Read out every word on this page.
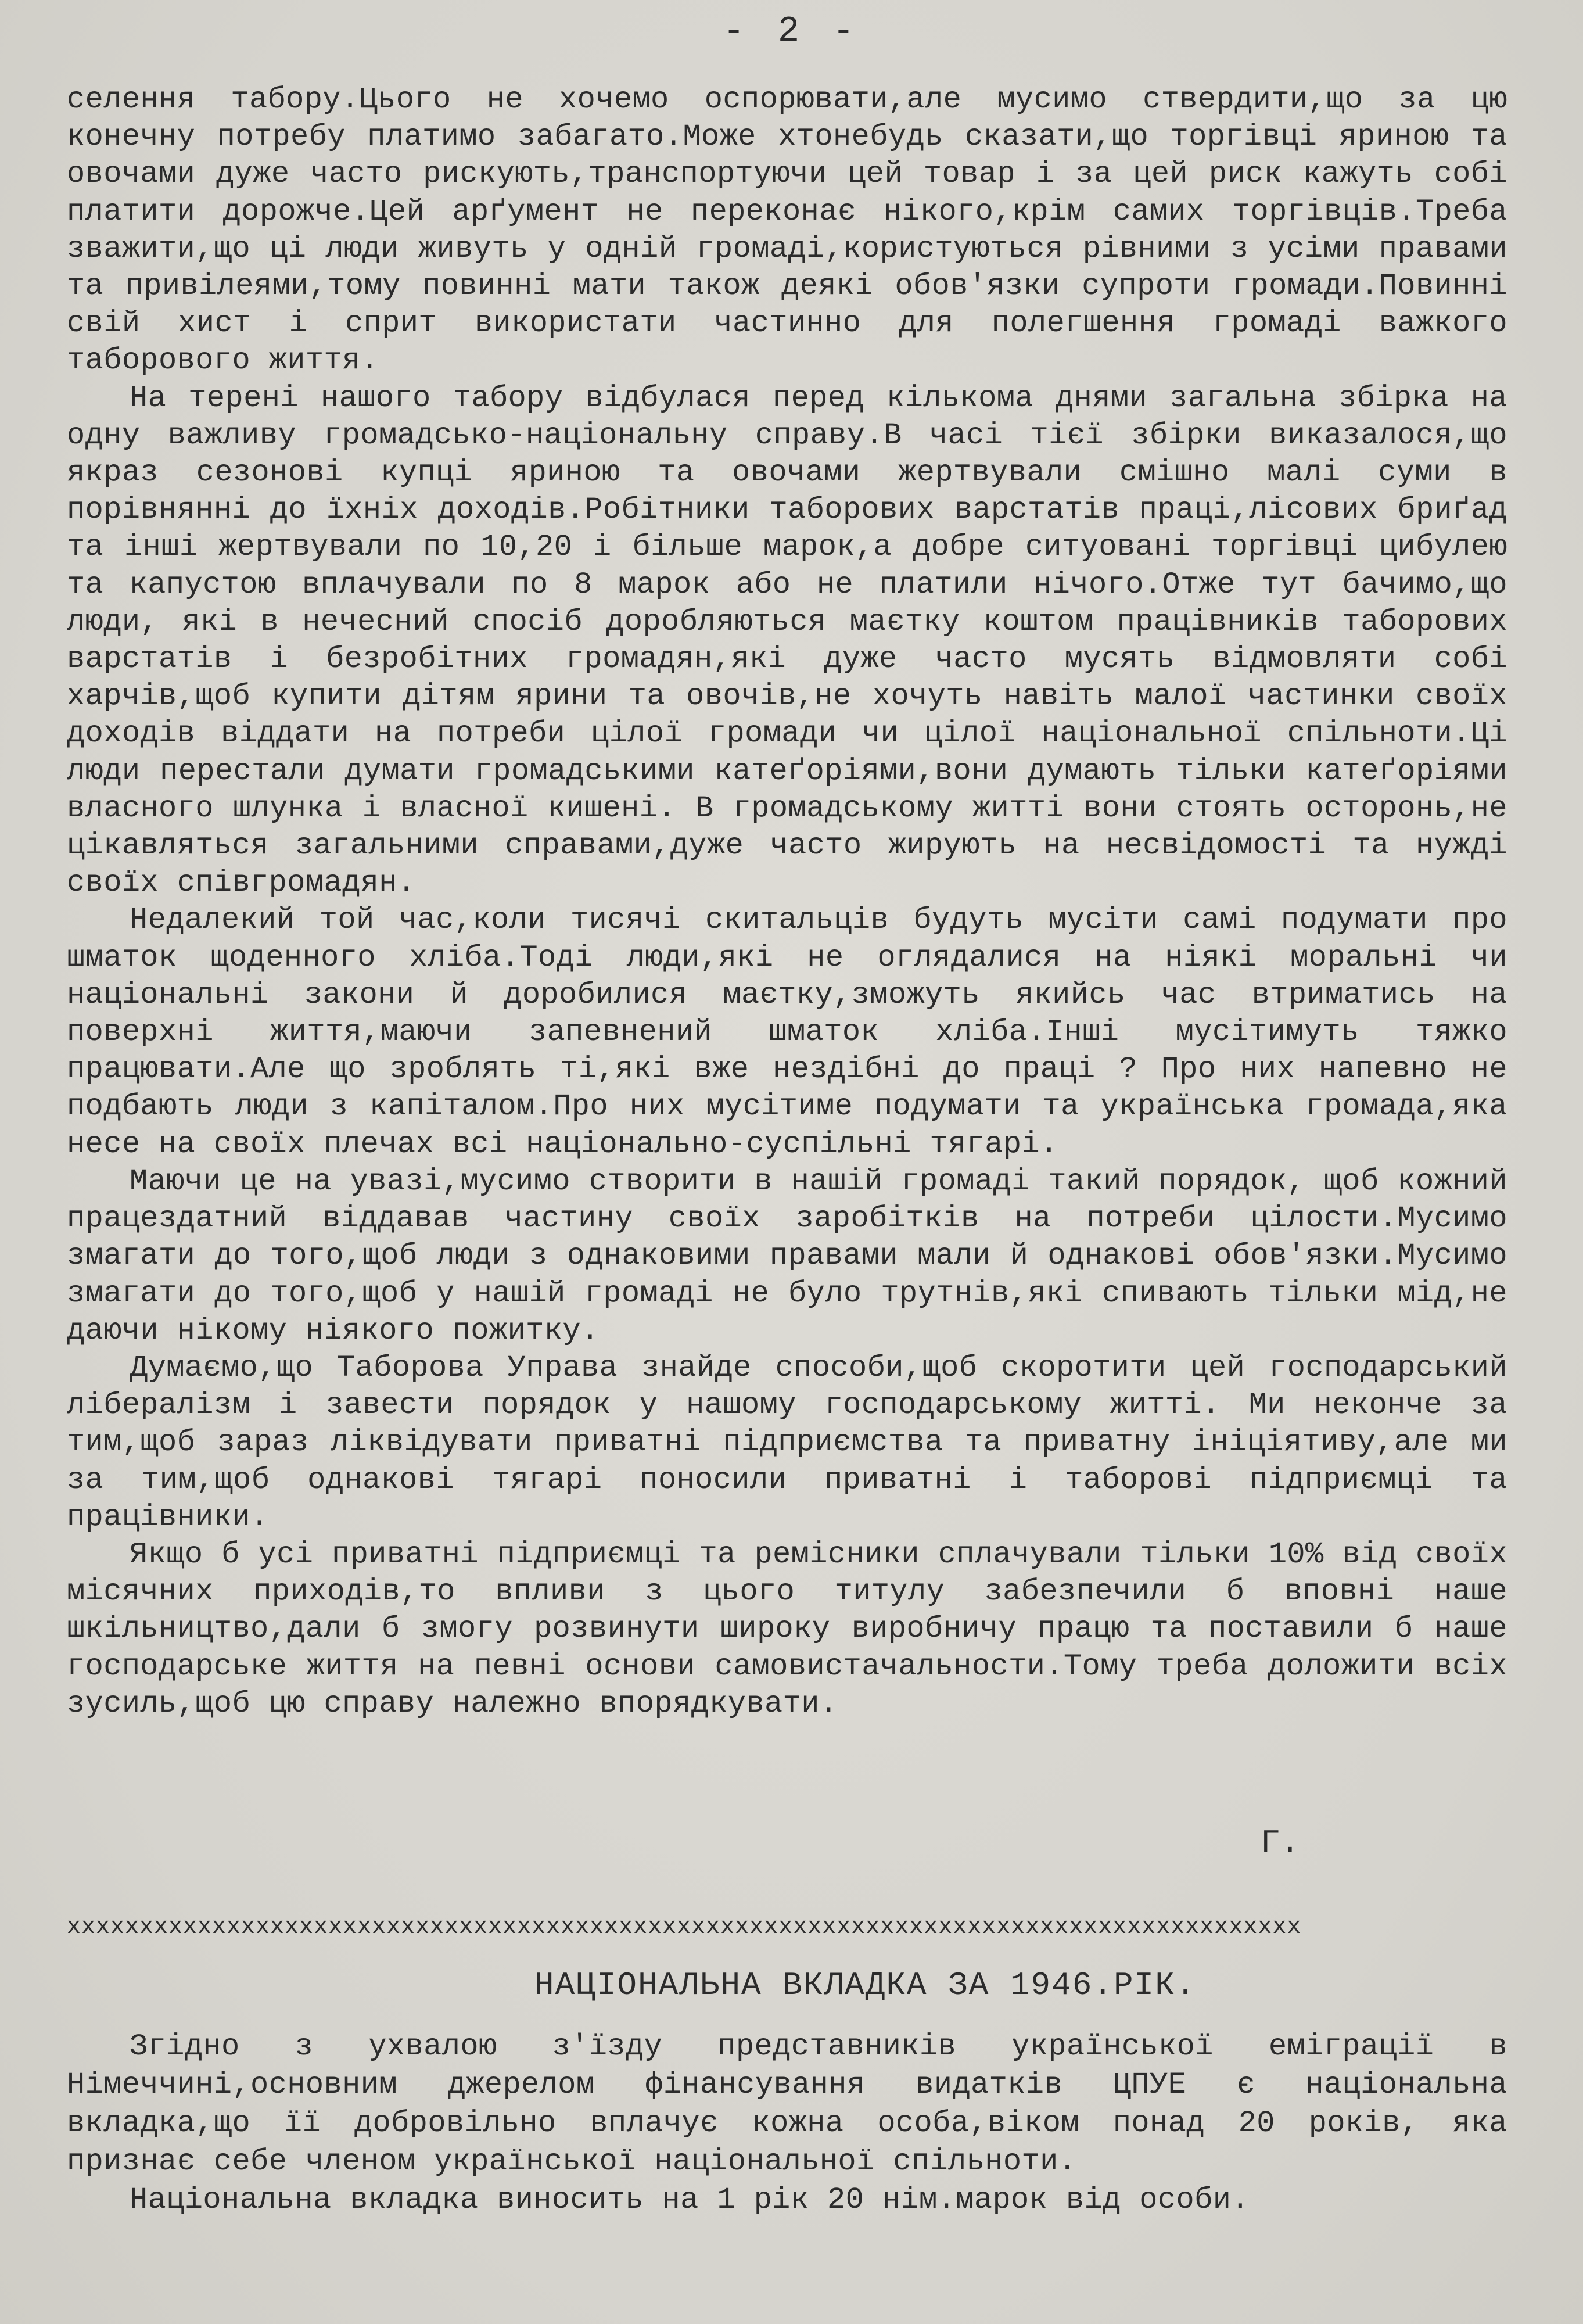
- 2 -

селення табору.Цього не хочемо оспорювати,але мусимо ствердити,що за цю конечну потребу платимо забагато.Може хтонебудь сказати,що торгівці яриною та овочами дуже часто рискують,транспортуючи цей товар і за цей риск кажуть собі платити дорожче.Цей арґумент не переконає нікого,крім самих торгівців.Треба зважити,що ці люди живуть у одній громаді,користуються рівними з усіми правами та привілеями,тому повинні мати також деякі обов'язки супроти громади.Повинні свій хист і сприт використати частинно для полегшення громаді важкого таборового життя.

На терені нашого табору відбулася перед кількома днями загальна збірка на одну важливу громадсько-національну справу.В часі тієї збірки виказалося,що якраз сезонові купці яриною та овочами жертвували смішно малі суми в порівнянні до їхніх доходів.Робітники таборових варстатів праці,лісових бриґад та інші жертвували по 10,20 і більше марок,а добре ситуовані торгівці цибулею та капустою вплачували по 8 марок або не платили нічого.Отже тут бачимо,що люди, які в нечесний спосіб доробляються маєтку коштом працівників таборових варстатів і безробітних громадян,які дуже часто мусять відмовляти собі харчів,щоб купити дітям ярини та овочів,не хочуть навіть малої частинки своїх доходів віддати на потреби цілої громади чи цілої національної спільноти.Ці люди перестали думати громадськими катеґоріями,вони думають тільки катеґоріями власного шлунка і власної кишені. В громадському житті вони стоять осторонь,не цікавляться загальними справами,дуже часто жирують на несвідомості та нужді своїх співгромадян.

Недалекий той час,коли тисячі скитальців будуть мусіти самі подумати про шматок щоденного хліба.Тоді люди,які не оглядалися на ніякі моральні чи національні закони й доробилися маєтку,зможуть якийсь час втриматись на поверхні життя,маючи запевнений шматок хліба.Інші мусітимуть тяжко працювати.Але що зроблять ті,які вже нездібні до праці ? Про них напевно не подбають люди з капіталом.Про них мусітиме подумати та українська громада,яка несе на своїх плечах всі національно-суспільні тягарі.

Маючи це на увазі,мусимо створити в нашій громаді такий порядок, щоб кожний працездатний віддавав частину своїх заробітків на потреби цілости.Мусимо змагати до того,щоб люди з однаковими правами мали й однакові обов'язки.Мусимо змагати до того,щоб у нашій громаді не було трутнів,які спивають тільки мід,не даючи нікому ніякого пожитку.

Думаємо,що Таборова Управа знайде способи,щоб скоротити цей господарський лібералізм і завести порядок у нашому господарському житті. Ми неконче за тим,щоб зараз ліквідувати приватні підприємства та приватну ініціятиву,але ми за тим,щоб однакові тягарі поносили приватні і таборові підприємці та працівники.

Якщо б усі приватні підприємці та ремісники сплачували тільки 10% від своїх місячних приходів,то впливи з цього титулу забезпечили б вповні наше шкільництво,дали б змогу розвинути широку виробничу працю та поставили б наше господарське життя на певні основи самовистачальности.Тому треба доложити всіх зусиль,щоб цю справу належно впорядкувати.

Г.
xxxxxxxxxxxxxxxxxxxxxxxxxxxxxxxxxxxxxxxxxxxxxxxxxxxxxxxxxxxxxxxxxxxxxxxxxxxxxxxxxxxxx
НАЦІОНАЛЬНА ВКЛАДКА ЗА 1946.РІК.

Згідно з ухвалою з'їзду представників української еміграції в Німеччині,основним джерелом фінансування видатків ЦПУЕ є національна вкладка,що її добровільно вплачує кожна особа,віком понад 20 років, яка признає себе членом української національної спільноти.

Національна вкладка виносить на 1 рік 20 нім.марок від особи.
